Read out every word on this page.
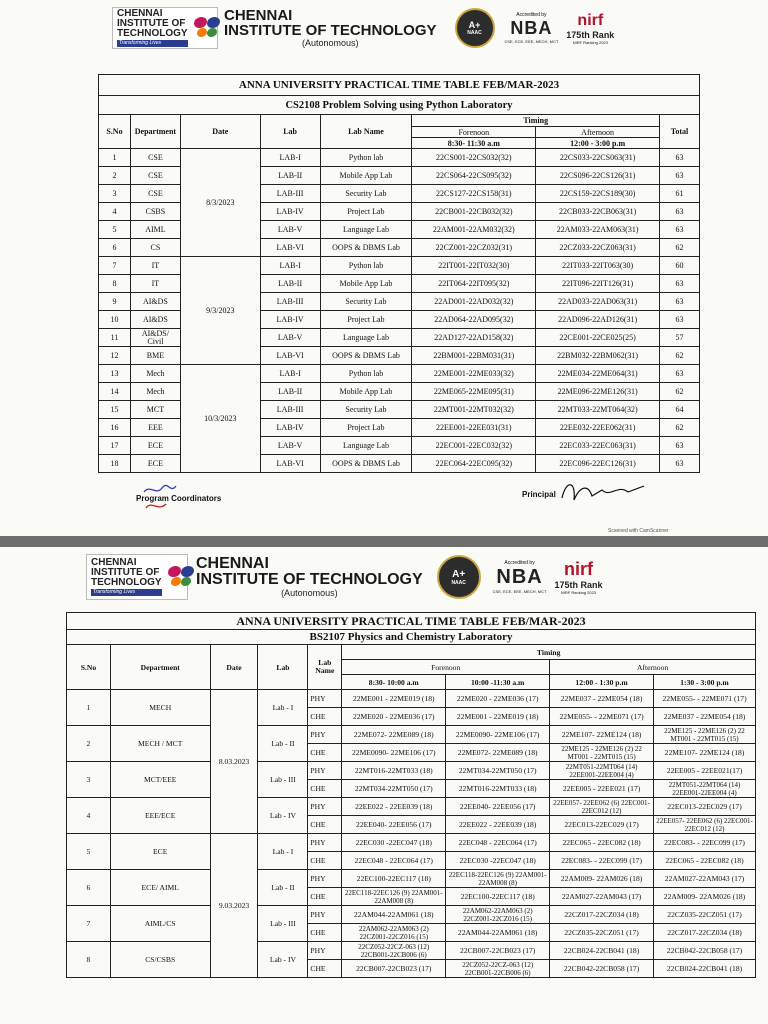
CHENNAI
INSTITUTE OF
TECHNOLOGY
Transforming Lives
CHENNAI
INSTITUTE OF TECHNOLOGY
(Autonomous)
A+
NAAC
Accredited by
NBA
CSE, ECE, EEE, MECH, MCT
nirf
175th Rank
NIRF Ranking 2023
ANNA UNIVERSITY PRACTICAL TIME TABLE FEB/MAR-2023							
CS2108 Problem Solving using Python Laboratory							
S.No	Department	Date	Lab	Lab Name	Timing		Total
					Forenoon	Afternoon	
					8:30- 11:30 a.m	12:00 - 3:00 p.m	
1	CSE	8/3/2023	LAB-I	Python lab	22CS001-22CS032(32)	22CS033-22CS063(31)	63
2	CSE		LAB-II	Mobile App Lab	22CS064-22CS095(32)	22CS096-22CS126(31)	63
3	CSE		LAB-III	Security Lab	22CS127-22CS158(31)	22CS159-22CS189(30)	61
4	CSBS		LAB-IV	Project Lab	22CB001-22CB032(32)	22CB033-22CB063(31)	63
5	AIML		LAB-V	Language Lab	22AM001-22AM032(32)	22AM033-22AM063(31)	63
6	CS		LAB-VI	OOPS & DBMS Lab	22CZ001-22CZ032(31)	22CZ033-22CZ063(31)	62
7	IT	9/3/2023	LAB-I	Python lab	22IT001-22IT032(30)	22IT033-22IT063(30)	60
8	IT		LAB-II	Mobile App Lab	22IT064-22IT095(32)	22IT096-22IT126(31)	63
9	AI&DS		LAB-III	Security Lab	22AD001-22AD032(32)	22AD033-22AD063(31)	63
10	AI&DS		LAB-IV	Project Lab	22AD064-22AD095(32)	22AD096-22AD126(31)	63
11	AI&DS/ Civil		LAB-V	Language Lab	22AD127-22AD158(32)	22CE001-22CE025(25)	57
12	BME		LAB-VI	OOPS & DBMS Lab	22BM001-22BM031(31)	22BM032-22BM062(31)	62
13	Mech	10/3/2023	LAB-I	Python lab	22ME001-22ME033(32)	22ME034-22ME064(31)	63
14	Mech		LAB-II	Mobile App Lab	22ME065-22ME095(31)	22ME096-22ME126(31)	62
15	MCT		LAB-III	Security Lab	22MT001-22MT032(32)	22MT033-22MT064(32)	64
16	EEE		LAB-IV	Project Lab	22EE001-22EE031(31)	22EE032-22EE062(31)	62
17	ECE		LAB-V	Language Lab	22EC001-22EC032(32)	22EC033-22EC063(31)	63
18	ECE		LAB-VI	OOPS & DBMS Lab	22EC064-22EC095(32)	22EC096-22EC126(31)	63
Program Coordinators	Principal
Scanned with CamScanner
CHENNAI
INSTITUTE OF
TECHNOLOGY
Transforming Lives
CHENNAI
INSTITUTE OF TECHNOLOGY
(Autonomous)
A+
NAAC
Accredited by
NBA
CSE, ECE, EEE, MECH, MCT
nirf
175th Rank
NIRF Ranking 2023
ANNA UNIVERSITY PRACTICAL TIME TABLE FEB/MAR-2023								
BS2107 Physics and Chemistry Laboratory								
S.No	Department	Date	Lab	Lab Name	Timing			
					Forenoon		Afternoon	
					8:30- 10:00 a.m	10:00 -11:30 a.m	12:00 - 1:30 p.m	1:30 - 3:00 p.m
1	MECH	8.03.2023	Lab - I	PHY	22ME001 - 22ME019 (18)	22ME020 - 22ME036 (17)	22ME037 - 22ME054 (18)	22ME055- - 22ME071 (17)
				CHE	22ME020 - 22ME036 (17)	22ME001 - 22ME019 (18)	22ME055- - 22ME071 (17)	22ME037 - 22ME054 (18)
2	MECH / MCT		Lab - II	PHY	22ME072- 22ME089 (18)	22ME0090- 22ME106 (17)	22ME107- 22ME124 (18)	22ME125 - 22ME126 (2) 22 MT001 - 22MT015 (15)
				CHE	22ME0090- 22ME106 (17)	22ME072- 22ME089 (18)	22ME125 - 22ME126 (2) 22 MT001 - 22MT015 (15)	22ME107- 22ME124 (18)
3	MCT/EEE		Lab - III	PHY	22MT016-22MT033 (18)	22MT034-22MT050 (17)	22MT051-22MT064 (14) 22EE001-22EE004 (4)	22EE005 - 22EE021(17)
				CHE	22MT034-22MT050 (17)	22MT016-22MT033 (18)	22EE005 - 22EE021 (17)	22MT051-22MT064 (14) 22EE001-22EE004 (4)
4	EEE/ECE		Lab - IV	PHY	22EE022 - 22EE039 (18)	22EE040- 22EE056 (17)	22EE057- 22EE062 (6) 22EC001-22EC012 (12)	22EC013-22EC029 (17)
				CHE	22EE040- 22EE056 (17)	22EE022 - 22EE039 (18)	22EC013-22EC029 (17)	22EE057- 22EE062 (6) 22EC001-22EC012 (12)
5	ECE	9.03.2023	Lab - I	PHY	22EC030 -22EC047 (18)	22EC048 - 22EC064 (17)	22EC065 - 22EC082 (18)	22EC083- - 22EC099 (17)
				CHE	22EC048 - 22EC064 (17)	22EC030 -22EC047 (18)	22EC083- - 22EC099 (17)	22EC065 - 22EC082 (18)
6	ECE/ AIML		Lab - II	PHY	22EC100-22EC117 (18)	22EC118-22EC126 (9) 22AM001- 22AM008 (8)	22AM009- 22AM026 (18)	22AM027-22AM043 (17)
				CHE	22EC118-22EC126 (9) 22AM001- 22AM008 (8)	22EC100-22EC117 (18)	22AM027-22AM043 (17)	22AM009- 22AM026 (18)
7	AIML/CS		Lab - III	PHY	22AM044-22AM061 (18)	22AM062-22AM063 (2) 22CZ001-22CZ016 (15)	22CZ017-22CZ034 (18)	22CZ035-22CZ051 (17)
				CHE	22AM062-22AM063 (2) 22CZ001-22CZ016 (15)	22AM044-22AM061 (18)	22CZ035-22CZ051 (17)	22CZ017-22CZ034 (18)
8	CS/CSBS		Lab - IV	PHY	22CZ052-22CZ-063 (12) 22CB001-22CB006 (6)	22CB007-22CB023 (17)	22CB024-22CB041 (18)	22CB042-22CB058 (17)
				CHE	22CB007-22CB023 (17)	22CZ052-22CZ-063 (12) 22CB001-22CB006 (6)	22CB042-22CB058 (17)	22CB024-22CB041 (18)
